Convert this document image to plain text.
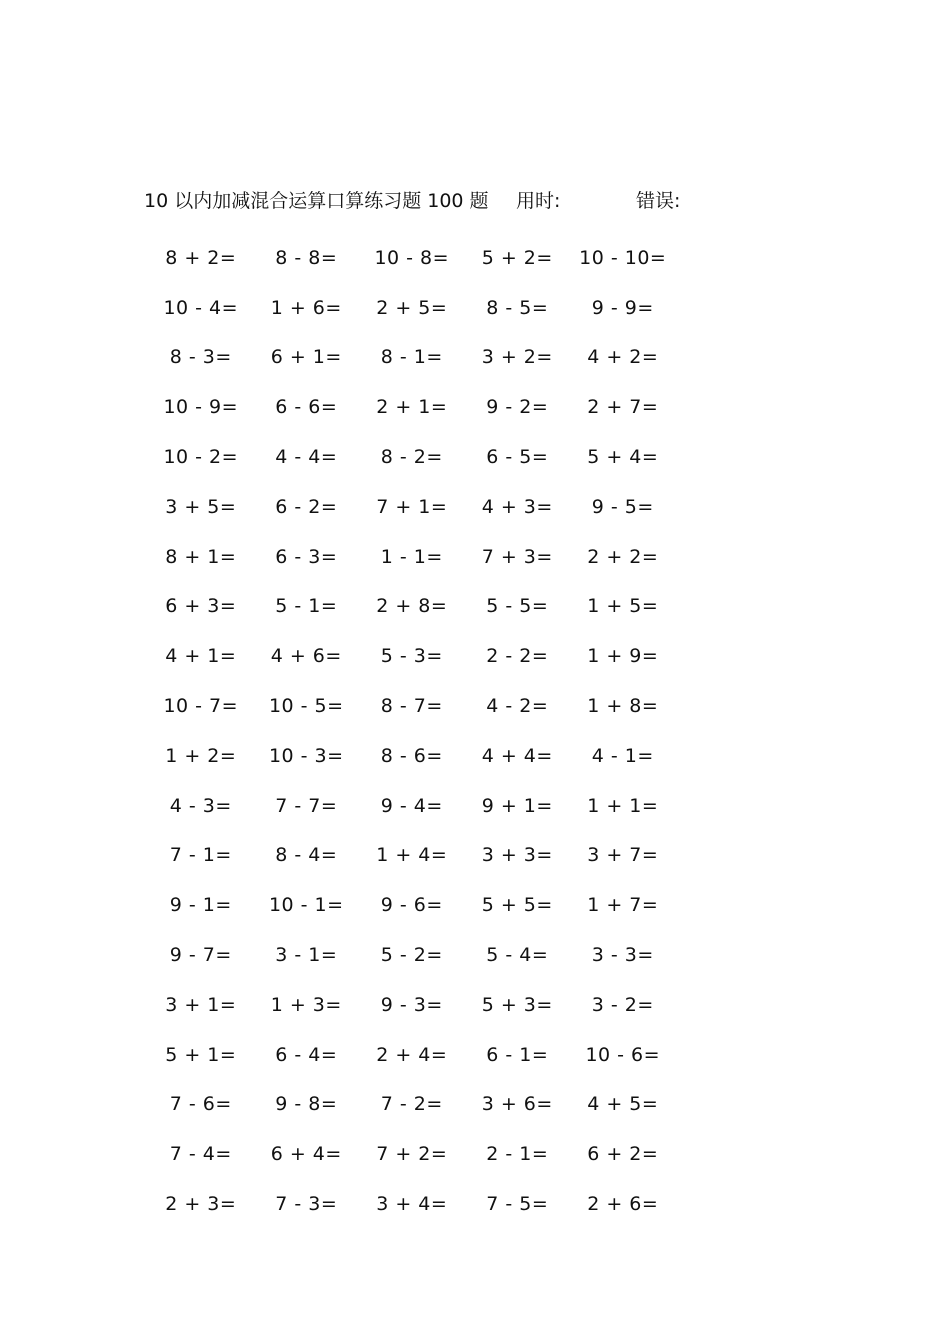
10 以内加减混合运算口算练习题 100 题 用时:	错误:
8 + 2=	8 - 8=	10 - 8=	5 + 2=	10 - 10=
10 - 4=	1 + 6=	2 + 5=	8 - 5=	9 - 9=
8 - 3=	6 + 1=	8 - 1=	3 + 2=	4 + 2=
10 - 9=	6 - 6=	2 + 1=	9 - 2=	2 + 7=
10 - 2=	4 - 4=	8 - 2=	6 - 5=	5 + 4=
3 + 5=	6 - 2=	7 + 1=	4 + 3=	9 - 5=
8 + 1=	6 - 3=	1 - 1=	7 + 3=	2 + 2=
6 + 3=	5 - 1=	2 + 8=	5 - 5=	1 + 5=
4 + 1=	4 + 6=	5 - 3=	2 - 2=	1 + 9=
10 - 7=	10 - 5=	8 - 7=	4 - 2=	1 + 8=
1 + 2=	10 - 3=	8 - 6=	4 + 4=	4 - 1=
4 - 3=	7 - 7=	9 - 4=	9 + 1=	1 + 1=
7 - 1=	8 - 4=	1 + 4=	3 + 3=	3 + 7=
9 - 1=	10 - 1=	9 - 6=	5 + 5=	1 + 7=
9 - 7=	3 - 1=	5 - 2=	5 - 4=	3 - 3=
3 + 1=	1 + 3=	9 - 3=	5 + 3=	3 - 2=
5 + 1=	6 - 4=	2 + 4=	6 - 1=	10 - 6=
7 - 6=	9 - 8=	7 - 2=	3 + 6=	4 + 5=
7 - 4=	6 + 4=	7 + 2=	2 - 1=	6 + 2=
2 + 3=	7 - 3=	3 + 4=	7 - 5=	2 + 6=
